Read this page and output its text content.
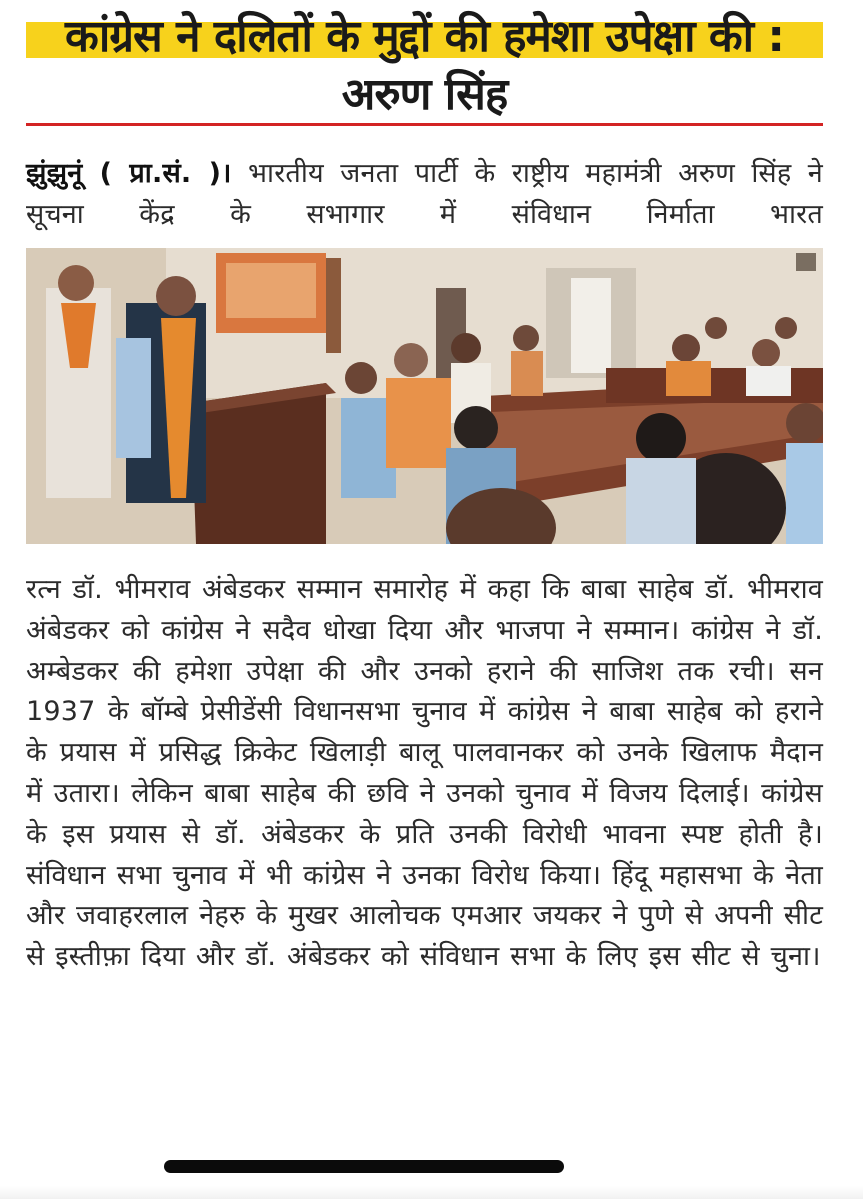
कांग्रेस ने दलितों के मुद्दों की हमेशा उपेक्षा की : अरुण सिंह

झुंझुनूं ( प्रा.सं. )। भारतीय जनता पार्टी के राष्ट्रीय महामंत्री अरुण सिंह ने सूचना केंद्र के सभागार में संविधान निर्माता भारत

रत्न डॉ. भीमराव अंबेडकर सम्मान समारोह में कहा कि बाबा साहेब डॉ. भीमराव अंबेडकर को कांग्रेस ने सदैव धोखा दिया और भाजपा ने सम्मान। कांग्रेस ने डॉ. अम्बेडकर की हमेशा उपेक्षा की और उनको हराने की साजिश तक रची। सन 1937 के बॉम्बे प्रेसीडेंसी विधानसभा चुनाव में कांग्रेस ने बाबा साहेब को हराने के प्रयास में प्रसिद्ध क्रिकेट खिलाड़ी बालू पालवानकर को उनके खिलाफ मैदान में उतारा। लेकिन बाबा साहेब की छवि ने उनको चुनाव में विजय दिलाई। कांग्रेस के इस प्रयास से डॉ. अंबेडकर के प्रति उनकी विरोधी भावना स्पष्ट होती है। संविधान सभा चुनाव में भी कांग्रेस ने उनका विरोध किया। हिंदू महासभा के नेता और जवाहरलाल नेहरु के मुखर आलोचक एमआर जयकर ने पुणे से अपनी सीट से इस्तीफ़ा दिया और डॉ. अंबेडकर को संविधान सभा के लिए इस सीट से चुना।
